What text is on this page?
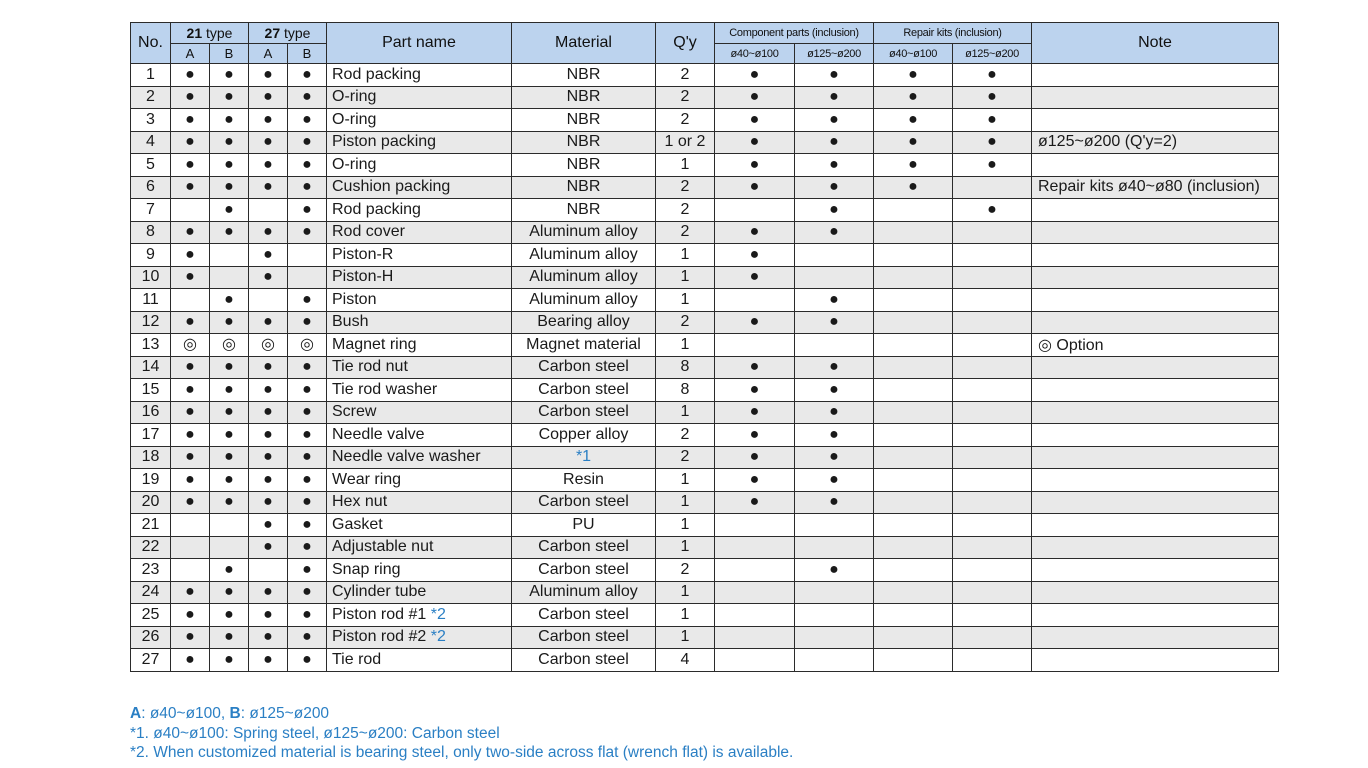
No.	21 type		27 type		Part name	Material	Q'y	Component parts (inclusion)		Repair kits (inclusion)		Note
	A	B	A	B				ø40~ø100	ø125~ø200	ø40~ø100	ø125~ø200	
1	●	●	●	●	Rod packing	NBR	2	●	●	●	●	
2	●	●	●	●	O-ring	NBR	2	●	●	●	●	
3	●	●	●	●	O-ring	NBR	2	●	●	●	●	
4	●	●	●	●	Piston packing	NBR	1 or 2	●	●	●	●	ø125~ø200 (Q'y=2)
5	●	●	●	●	O-ring	NBR	1	●	●	●	●	
6	●	●	●	●	Cushion packing	NBR	2	●	●	●		Repair kits ø40~ø80 (inclusion)
7		●		●	Rod packing	NBR	2		●		●	
8	●	●	●	●	Rod cover	Aluminum alloy	2	●	●			
9	●		●		Piston-R	Aluminum alloy	1	●				
10	●		●		Piston-H	Aluminum alloy	1	●				
11		●		●	Piston	Aluminum alloy	1		●			
12	●	●	●	●	Bush	Bearing alloy	2	●	●			
13	◎	◎	◎	◎	Magnet ring	Magnet material	1					◎ Option
14	●	●	●	●	Tie rod nut	Carbon steel	8	●	●			
15	●	●	●	●	Tie rod washer	Carbon steel	8	●	●			
16	●	●	●	●	Screw	Carbon steel	1	●	●			
17	●	●	●	●	Needle valve	Copper alloy	2	●	●			
18	●	●	●	●	Needle valve washer	*1	2	●	●			
19	●	●	●	●	Wear ring	Resin	1	●	●			
20	●	●	●	●	Hex nut	Carbon steel	1	●	●			
21			●	●	Gasket	PU	1					
22			●	●	Adjustable nut	Carbon steel	1					
23		●		●	Snap ring	Carbon steel	2		●			
24	●	●	●	●	Cylinder tube	Aluminum alloy	1					
25	●	●	●	●	Piston rod #1 *2	Carbon steel	1					
26	●	●	●	●	Piston rod #2 *2	Carbon steel	1					
27	●	●	●	●	Tie rod	Carbon steel	4					
A: ø40~ø100, B: ø125~ø200
*1. ø40~ø100: Spring steel, ø125~ø200: Carbon steel
*2. When customized material is bearing steel, only two-side across flat (wrench flat) is available.
